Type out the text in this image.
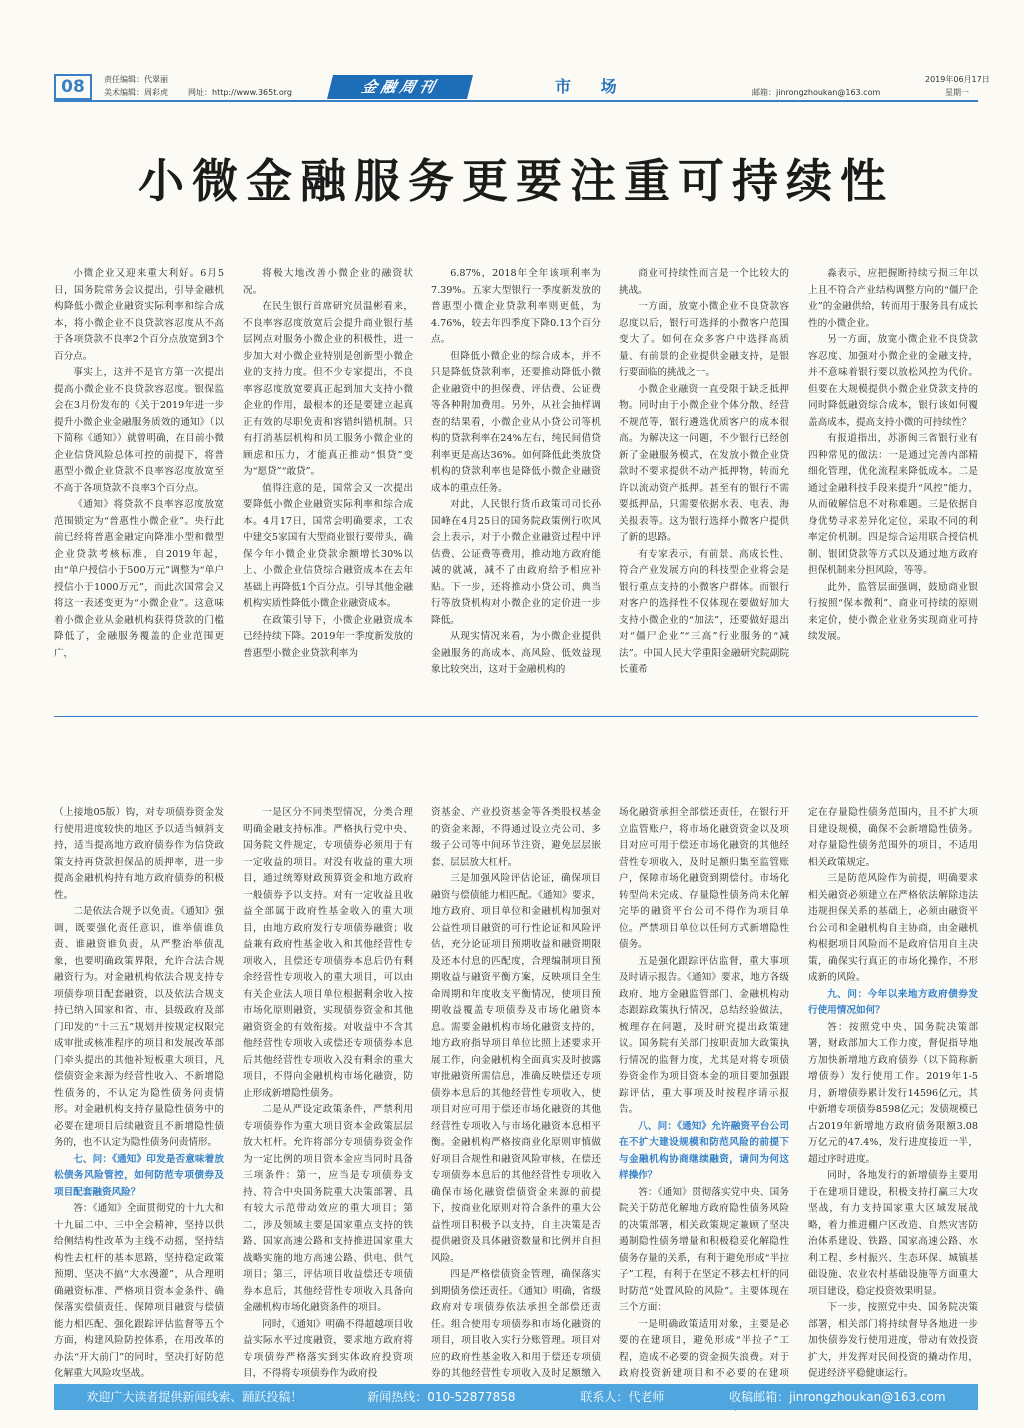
08	责任编辑：代翠丽
美术编辑：周彩虎	网址：http://www.365t.org	金融周刊	市 场	邮箱：jinrongzhoukan@163.com
2019年06月17日
星期一
小微金融服务更要注重可持续性

小微企业又迎来重大利好。6月5日，国务院常务会议提出，引导金融机构降低小微企业融资实际利率和综合成本，将小微企业不良贷款容忍度从不高于各项贷款不良率2个百分点放宽到3个百分点。

事实上，这并不是官方第一次提出提高小微企业不良贷款容忍度。银保监会在3月份发布的《关于2019年进一步提升小微企业金融服务质效的通知》（以下简称《通知》）就曾明确，在目前小微企业信贷风险总体可控的前提下，将普惠型小微企业贷款不良率容忍度放宽至不高于各项贷款不良率3个百分点。

《通知》将贷款不良率容忍度放宽范围锁定为“普惠性小微企业”。央行此前已经将普惠金融定向降准小型和微型企业贷款考核标准，自2019年起，由“单户授信小于500万元”调整为“单户授信小于1000万元”，而此次国常会又将这一表述变更为“小微企业”。这意味着小微企业从金融机构获得贷款的门槛降低了，金融服务覆盖的企业范围更广，

将极大地改善小微企业的融资状况。

在民生银行首席研究员温彬看来，不良率容忍度放宽后会提升商业银行基层网点对服务小微企业的积极性，进一步加大对小微企业特别是创新型小微企业的支持力度。但不少专家提出，不良率容忍度放宽要真正起到加大支持小微企业的作用，最根本的还是要建立起真正有效的尽职免责和容错纠错机制。只有打消基层机构和员工服务小微企业的顾虑和压力，才能真正推动“惧贷”变为“愿贷”“敢贷”。

值得注意的是，国常会又一次提出要降低小微企业融资实际利率和综合成本。4月17日，国常会明确要求，工农中建交5家国有大型商业银行要带头，确保今年小微企业贷款余额增长30%以上、小微企业信贷综合融资成本在去年基础上再降低1个百分点。引导其他金融机构实质性降低小微企业融资成本。

在政策引导下，小微企业融资成本已经持续下降。2019年一季度新发放的普惠型小微企业贷款利率为

6.87%，2018年全年该项利率为7.39%。五家大型银行一季度新发放的普惠型小微企业贷款利率则更低，为4.76%，较去年四季度下降0.13个百分点。

但降低小微企业的综合成本，并不只是降低贷款利率，还要推动降低小微企业融资中的担保费、评估费、公证费等各种附加费用。另外，从社会抽样调查的结果看，小微企业从小贷公司等机构的贷款利率在24%左右，纯民间借贷利率更是高达36%。如何降低此类放贷机构的贷款利率也是降低小微企业融资成本的重点任务。

对此，人民银行货币政策司司长孙国峰在4月25日的国务院政策例行吹风会上表示，对于小微企业融资过程中评估费、公证费等费用，推动地方政府能减的就减，减不了由政府给予相应补贴。下一步，还将推动小贷公司、典当行等放贷机构对小微企业的定价进一步降低。

从现实情况来看，为小微企业提供金融服务的高成本、高风险、低效益现象比较突出，这对于金融机构的

商业可持续性而言是一个比较大的挑战。

一方面，放宽小微企业不良贷款容忍度以后，银行可选择的小微客户范围变大了。如何在众多客户中选择高质量、有前景的企业提供金融支持，是银行要面临的挑战之一。

小微企业融资一直受限于缺乏抵押物。同时由于小微企业个体分散、经营不规范等，银行遴选优质客户的成本很高。为解决这一问题，不少银行已经创新了金融服务模式，在发放小微企业贷款时不要求提供不动产抵押物，转而允许以流动资产抵押。甚至有的银行不需要抵押品，只需要依据水表、电表、海关报表等。这为银行选择小微客户提供了新的思路。

有专家表示，有前景、高成长性、符合产业发展方向的科技型企业将会是银行重点支持的小微客户群体。而银行对客户的选择性不仅体现在要做好加大支持小微企业的“加法”，还要做好退出对“僵尸企业”“三高”行业服务的“减法”。中国人民大学重阳金融研究院副院长董希

淼表示，应把握断持续亏损三年以上且不符合产业结构调整方向的“僵尸企业”的金融供给，转而用于服务具有成长性的小微企业。

另一方面，放宽小微企业不良贷款容忍度、加强对小微企业的金融支持，并不意味着银行要以放松风控为代价。但要在大规模提供小微企业贷款支持的同时降低融资综合成本，银行该如何覆盖高成本，提高支持小微的可持续性？

有报道指出，苏浙闽三省银行业有四种常见的做法：一是通过完善内部精细化管理，优化流程来降低成本。二是通过金融科技手段来提升“风控”能力，从而破解信息不对称难题。三是依据自身优势寻求差异化定位，采取不同的利率定价机制。四是综合运用联合授信机制、银团贷款等方式以及通过地方政府担保机制来分担风险，等等。

此外，监管层面强调，鼓励商业银行按照“保本微利”、商业可持续的原则来定价，使小微企业业务实现商业可持续发展。

（上接地05版）钩，对专项债券资金发行使用进度较快的地区予以适当倾斜支持，适当提高地方政府债券作为信贷政策支持再贷款担保品的质押率，进一步提高金融机构持有地方政府债券的积极性。

二是依法合规予以免责。《通知》强调，既要强化责任意识，谁举债谁负责、谁融资谁负责，从严整治举债乱象，也要明确政策界限，允许合法合规融资行为。对金融机构依法合规支持专项债券项目配套融资，以及依法合规支持已纳入国家和省、市、县级政府及部门印发的“十三五”规划并按规定权限完成审批或核准程序的项目和发展改革部门牵头提出的其他补短板重大项目，凡偿债资金来源为经营性收入、不新增隐性债务的，不认定为隐性债务问责情形。对金融机构支持存量隐性债务中的必要在建项目后续融资且不新增隐性债务的，也不认定为隐性债务问责情形。

七、问：《通知》印发是否意味着放松债务风险管控，如何防范专项债券及项目配套融资风险？

答：《通知》全面贯彻党的十九大和十九届二中、三中全会精神，坚持以供给侧结构性改革为主线不动摇，坚持结构性去杠杆的基本思路，坚持稳定政策预期、坚决不搞“大水漫灌”，从合理明确融资标准、严格项目资本金条件、确保落实偿债责任、保障项目融资与偿债能力相匹配、强化跟踪评估监督等五个方面，构建风险防控体系，在用改革的办法“开大前门”的同时，坚决打好防范化解重大风险攻坚战。

一是区分不同类型情况，分类合理明确金融支持标准。严格执行党中央、国务院文件规定，专项债券必须用于有一定收益的项目。对没有收益的重大项目，通过统筹财政预算资金和地方政府一般债券予以支持。对有一定收益且收益全部属于政府性基金收入的重大项目，由地方政府发行专项债券融资；收益兼有政府性基金收入和其他经营性专项收入，且偿还专项债券本息后仍有剩余经营性专项收入的重大项目，可以由有关企业法人项目单位根据剩余收入按市场化原则融资，实现债券资金和其他融资资金的有效衔接。对收益中不含其他经营性专项收入或偿还专项债券本息后其他经营性专项收入没有剩余的重大项目，不得向金融机构市场化融资，防止形成新增隐性债务。

二是从严设定政策条件，严禁利用专项债券作为重大项目资本金政策层层放大杠杆。允许将部分专项债券资金作为一定比例的项目资本金应当同时具备三项条件：第一，应当是专项债券支持、符合中央国务院重大决策部署、具有较大示范带动效应的重大项目；第二，涉及领域主要是国家重点支持的铁路、国家高速公路和支持推进国家重大战略实施的地方高速公路、供电、供气项目；第三，评估项目收益偿还专项债券本息后，其他经营性专项收入具备向金融机构市场化融资条件的项目。

同时，《通知》明确不得超越项目收益实际水平过度融资，要求地方政府将专项债券严格落实到实体政府投资项目，不得将专项债券作为政府投

资基金、产业投资基金等各类股权基金的资金来源，不得通过设立壳公司、多级子公司等中间环节注资，避免层层嵌套、层层放大杠杆。

三是加强风险评估论证，确保项目融资与偿债能力相匹配。《通知》要求，地方政府、项目单位和金融机构加强对公益性项目融资的可行性论证和风险评估，充分论证项目预期收益和融资期限及还本付息的匹配度，合理编制项目预期收益与融资平衡方案，反映项目全生命周期和年度收支平衡情况，使项目预期收益覆盖专项债券及市场化融资本息。需要金融机构市场化融资支持的，地方政府指导项目单位比照上述要求开展工作，向金融机构全面真实及时披露审批融资所需信息，准确反映偿还专项债券本息后的其他经营性专项收入，使项目对应可用于偿还市场化融资的其他经营性专项收入与市场化融资本息相平衡。金融机构严格按商业化原则审慎做好项目合规性和融资风险审核，在偿还专项债券本息后的其他经营性专项收入确保市场化融资偿债资金来源的前提下，按商业化原则对符合条件的重大公益性项目积极予以支持，自主决策是否提供融资及具体融资数量和比例并自担风险。

四是严格偿债资金管理，确保落实到期债务偿还责任。《通知》明确，省级政府对专项债券依法承担全部偿还责任。组合使用专项债券和市场化融资的项目，项目收入实行分账管理。项目对应的政府性基金收入和用于偿还专项债券的其他经营性专项收入及时足额缴入

场化融资承担全部偿还责任，在银行开立监管账户，将市场化融资资金以及项目对应可用于偿还市场化融资的其他经营性专项收入，及时足额归集至监管账户，保障市场化融资到期偿付。市场化转型尚未完成、存量隐性债务尚未化解完毕的融资平台公司不得作为项目单位。严禁项目单位以任何方式新增隐性债务。

五是强化跟踪评估监督，重大事项及时请示报告。《通知》要求，地方各级政府、地方金融监管部门、金融机构动态跟踪政策执行情况，总结经验做法，梳理存在问题，及时研究提出政策建议。国务院有关部门按职责加大政策执行情况的监督力度，尤其是对将专项债券资金作为项目资本金的项目要加强跟踪评估，重大事项及时按程序请示报告。

八、问：《通知》允许融资平台公司在不扩大建设规模和防范风险的前提下与金融机构协商继续融资，请问为何这样操作？

答：《通知》贯彻落实党中央、国务院关于防范化解地方政府隐性债务风险的决策部署，相关政策规定兼顾了坚决遏制隐性债务增量和积极稳妥化解隐性债务存量的关系，有利于避免形成“半拉子”工程，有利于在坚定不移去杠杆的同时防范“处置风险的风险”。主要体现在三个方面：

一是明确政策适用对象，主要是必要的在建项目，避免形成“半拉子”工程，造成不必要的资金损失浪费。对于政府投资新建项目和不必要的在建项

定在存量隐性债务范围内，且不扩大项目建设规模，确保不会新增隐性债务。对存量隐性债务范围外的项目，不适用相关政策规定。

三是防范风险作为前提，明确要求相关融资必须建立在严格依法解除违法违规担保关系的基础上，必须由融资平台公司和金融机构自主协商，由金融机构根据项目风险而不是政府信用自主决策，确保实行真正的市场化操作，不形成新的风险。

九、问：今年以来地方政府债券发行使用情况如何？

答：按照党中央、国务院决策部署，财政部加大工作力度，督促指导地方加快新增地方政府债券（以下简称新增债券）发行使用工作。2019年1-5月，新增债券累计发行14596亿元，其中新增专项债券8598亿元；发债规模已占2019年新增地方政府债务限额3.08万亿元的47.4%，发行进度接近一半，超过序时进度。

同时，各地发行的新增债券主要用于在建项目建设，积极支持打赢三大攻坚战，有力支持国家重大区域发展战略，着力推进棚户区改造、自然灾害防治体系建设、铁路、国家高速公路、水利工程、乡村振兴、生态环保、城镇基础设施、农业农村基础设施等方面重大项目建设，稳定投资效果明显。

下一步，按照党中央、国务院决策部署，相关部门将持续督导各地进一步加快债券发行使用进度，带动有效投资扩大，并发挥对民间投资的撬动作用，促进经济平稳健康运行。

欢迎广大读者提供新闻线索、踊跃投稿！	新闻热线：010-52877858	联系人：代老师	收稿邮箱：jinrongzhoukan@163.com
